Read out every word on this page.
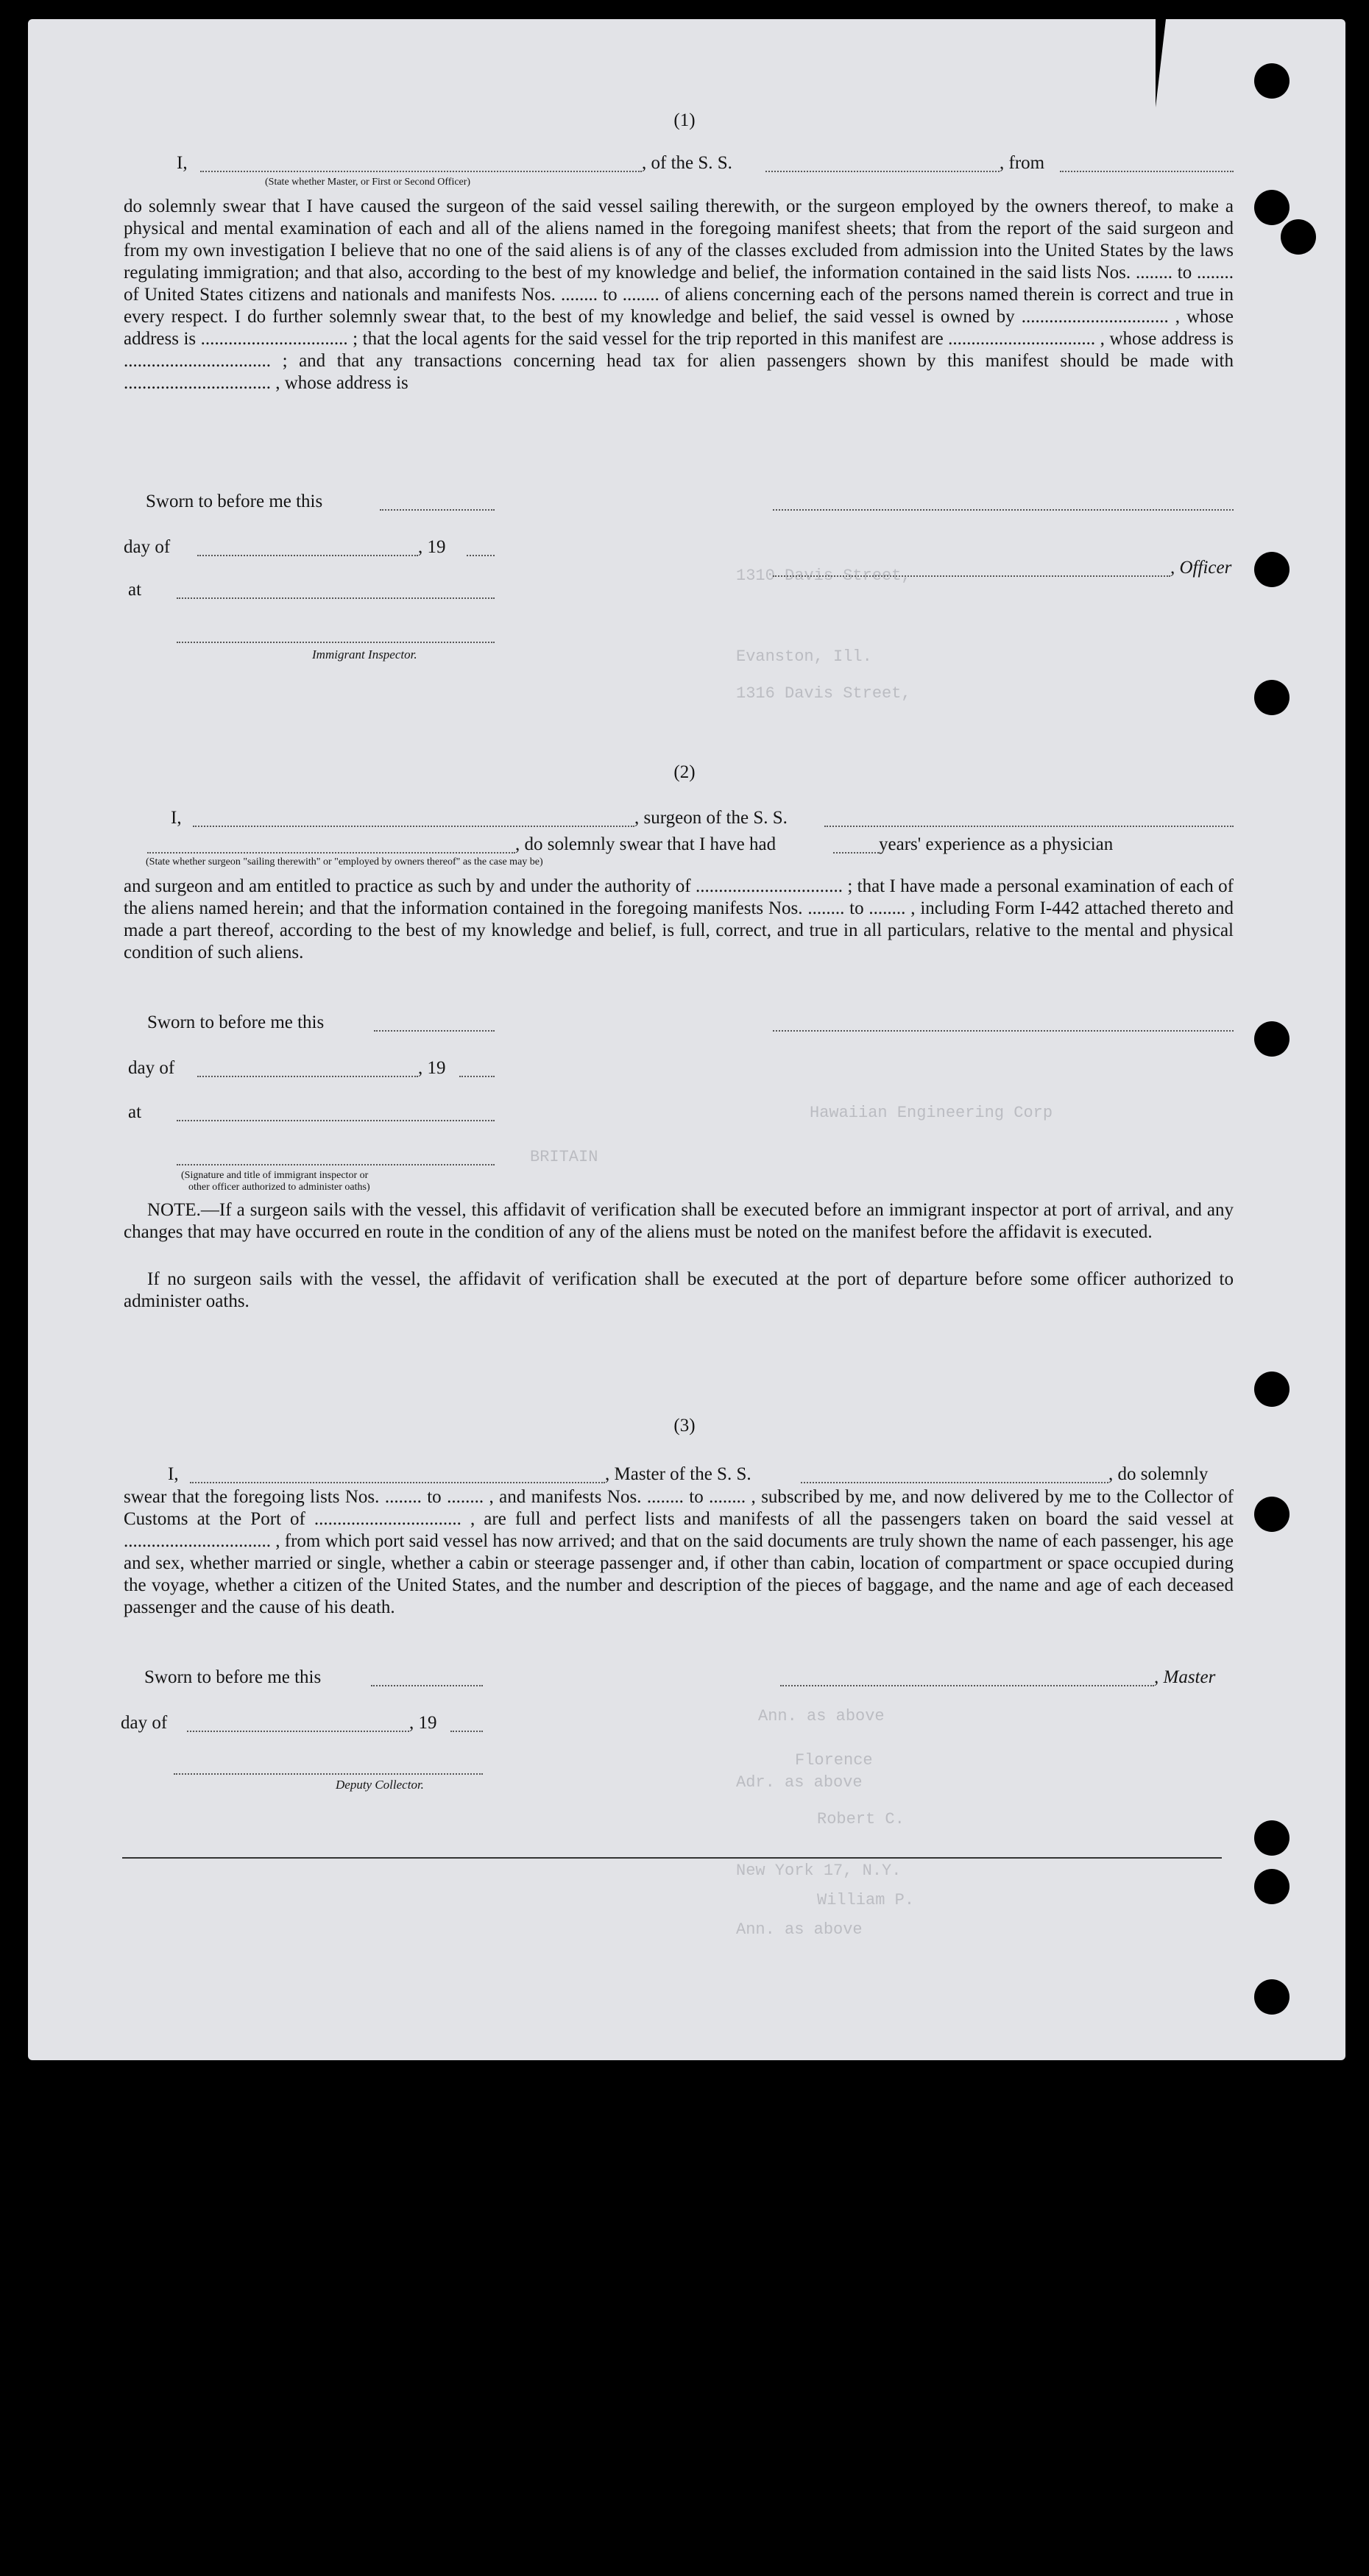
1310 Davis Street,
Evanston, Ill.
1316 Davis Street,
BRITAIN
Hawaiian Engineering Corp
Ann. as above
Robert C.
New York 17, N.Y.
William P.
Ann. as above
Florence
Adr. as above
(1)
I,	, of the S. S.	, from
(State whether Master, or First or Second Officer)

do solemnly swear that I have caused the surgeon of the said vessel sailing therewith, or the surgeon employed by the owners thereof, to make a physical and mental examination of each and all of the aliens named in the foregoing manifest sheets; that from the report of the said surgeon and from my own investigation I believe that no one of the said aliens is of any of the classes excluded from admission into the United States by the laws regulating immigration; and that also, according to the best of my knowledge and belief, the information contained in the said lists Nos. ........ to ........ of United States citizens and nationals and manifests Nos. ........ to ........ of aliens concerning each of the persons named therein is correct and true in every respect. I do further solemnly swear that, to the best of my knowledge and belief, the said vessel is owned by ................................ , whose address is ................................ ; that the local agents for the said vessel for the trip reported in this manifest are ................................ , whose address is ................................ ; and that any transactions concerning head tax for alien passengers shown by this manifest should be made with ................................ , whose address is

Sworn to before me this
day of	, 19
, Officer
at
Immigrant Inspector.
(2)
I,	, surgeon of the S. S.
, do solemnly swear that I have had	years' experience as a physician
(State whether surgeon "sailing therewith" or "employed by owners thereof" as the case may be)

and surgeon and am entitled to practice as such by and under the authority of ................................ ; that I have made a personal examination of each of the aliens named herein; and that the information contained in the foregoing manifests Nos. ........ to ........ , including Form I-442 attached thereto and made a part thereof, according to the best of my knowledge and belief, is full, correct, and true in all particulars, relative to the mental and physical condition of such aliens.

Sworn to before me this
day of	, 19
at
(Signature and title of immigrant inspector or
other officer authorized to administer oaths)

NOTE.—If a surgeon sails with the vessel, this affidavit of verification shall be executed before an immigrant inspector at port of arrival, and any changes that may have occurred en route in the condition of any of the aliens must be noted on the manifest before the affidavit is executed.

If no surgeon sails with the vessel, the affidavit of verification shall be executed at the port of departure before some officer authorized to administer oaths.

(3)
I,	, Master of the S. S.	, do solemnly

swear that the foregoing lists Nos. ........ to ........ , and manifests Nos. ........ to ........ , subscribed by me, and now delivered by me to the Collector of Customs at the Port of ................................ , are full and perfect lists and manifests of all the passengers taken on board the said vessel at ................................ , from which port said vessel has now arrived; and that on the said documents are truly shown the name of each passenger, his age and sex, whether married or single, whether a cabin or steerage passenger and, if other than cabin, location of compartment or space occupied during the voyage, whether a citizen of the United States, and the number and description of the pieces of baggage, and the name and age of each deceased passenger and the cause of his death.

Sworn to before me this	, Master
day of	, 19
Deputy Collector.
